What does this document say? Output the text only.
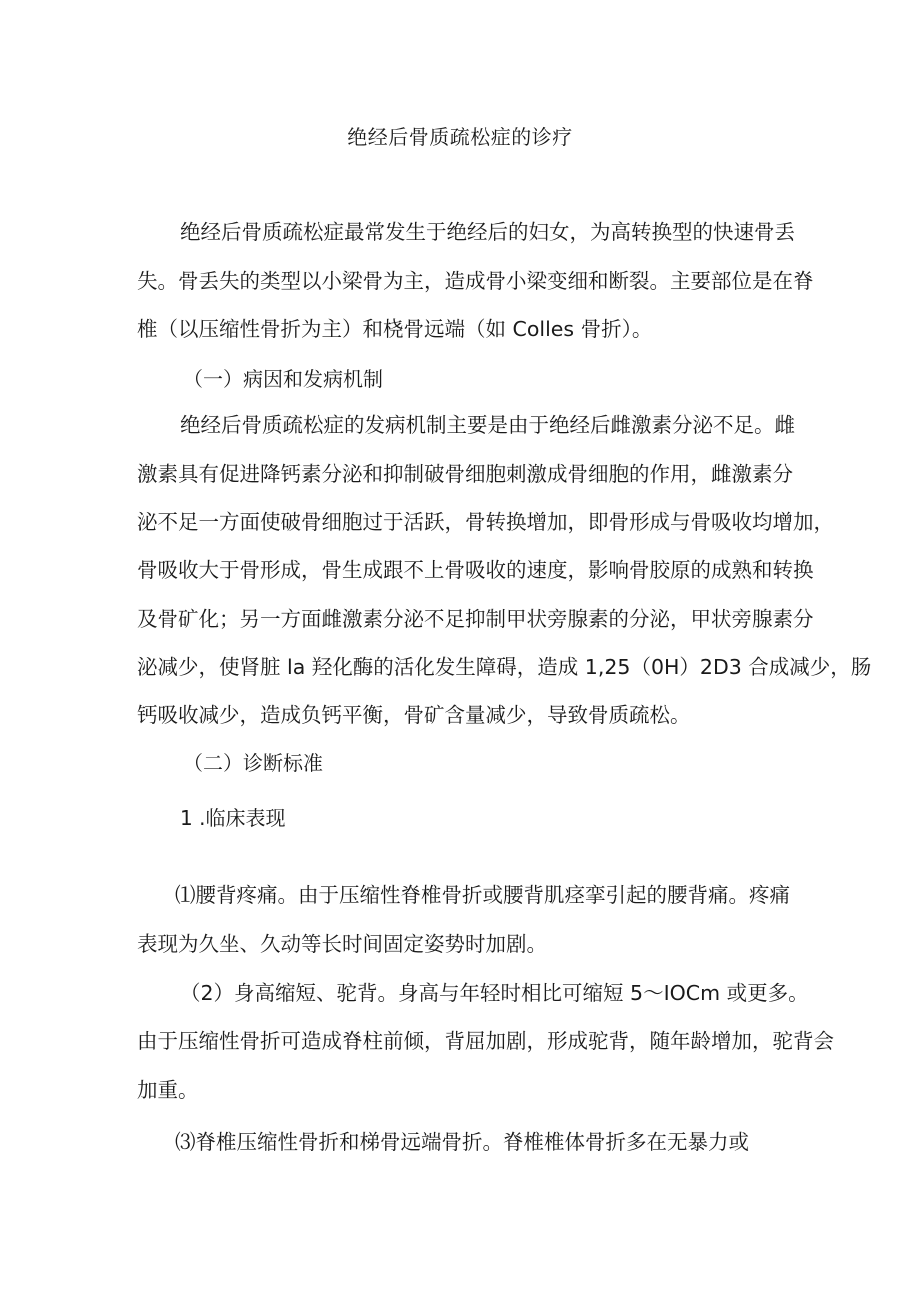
绝经后骨质疏松症的诊疗
绝经后骨质疏松症最常发生于绝经后的妇女，为高转换型的快速骨丢
失。骨丢失的类型以小梁骨为主，造成骨小梁变细和断裂。主要部位是在脊
椎（以压缩性骨折为主）和桡骨远端（如 Colles 骨折）。
（一）病因和发病机制
绝经后骨质疏松症的发病机制主要是由于绝经后雌激素分泌不足。雌
激素具有促进降钙素分泌和抑制破骨细胞刺激成骨细胞的作用，雌激素分
泌不足一方面使破骨细胞过于活跃，骨转换增加，即骨形成与骨吸收均增加，
骨吸收大于骨形成，骨生成跟不上骨吸收的速度，影响骨胶原的成熟和转换
及骨矿化；另一方面雌激素分泌不足抑制甲状旁腺素的分泌，甲状旁腺素分
泌减少，使肾脏 la 羟化酶的活化发生障碍，造成 1,25（0H）2D3 合成减少，肠
钙吸收减少，造成负钙平衡，骨矿含量减少，导致骨质疏松。
（二）诊断标准
1 .临床表现
⑴腰背疼痛。由于压缩性脊椎骨折或腰背肌痉挛引起的腰背痛。疼痛
表现为久坐、久动等长时间固定姿势时加剧。
（2）身高缩短、驼背。身高与年轻时相比可缩短 5～IOCm 或更多。
由于压缩性骨折可造成脊柱前倾，背屈加剧，形成驼背，随年龄增加，驼背会
加重。
⑶脊椎压缩性骨折和梯骨远端骨折。脊椎椎体骨折多在无暴力或
